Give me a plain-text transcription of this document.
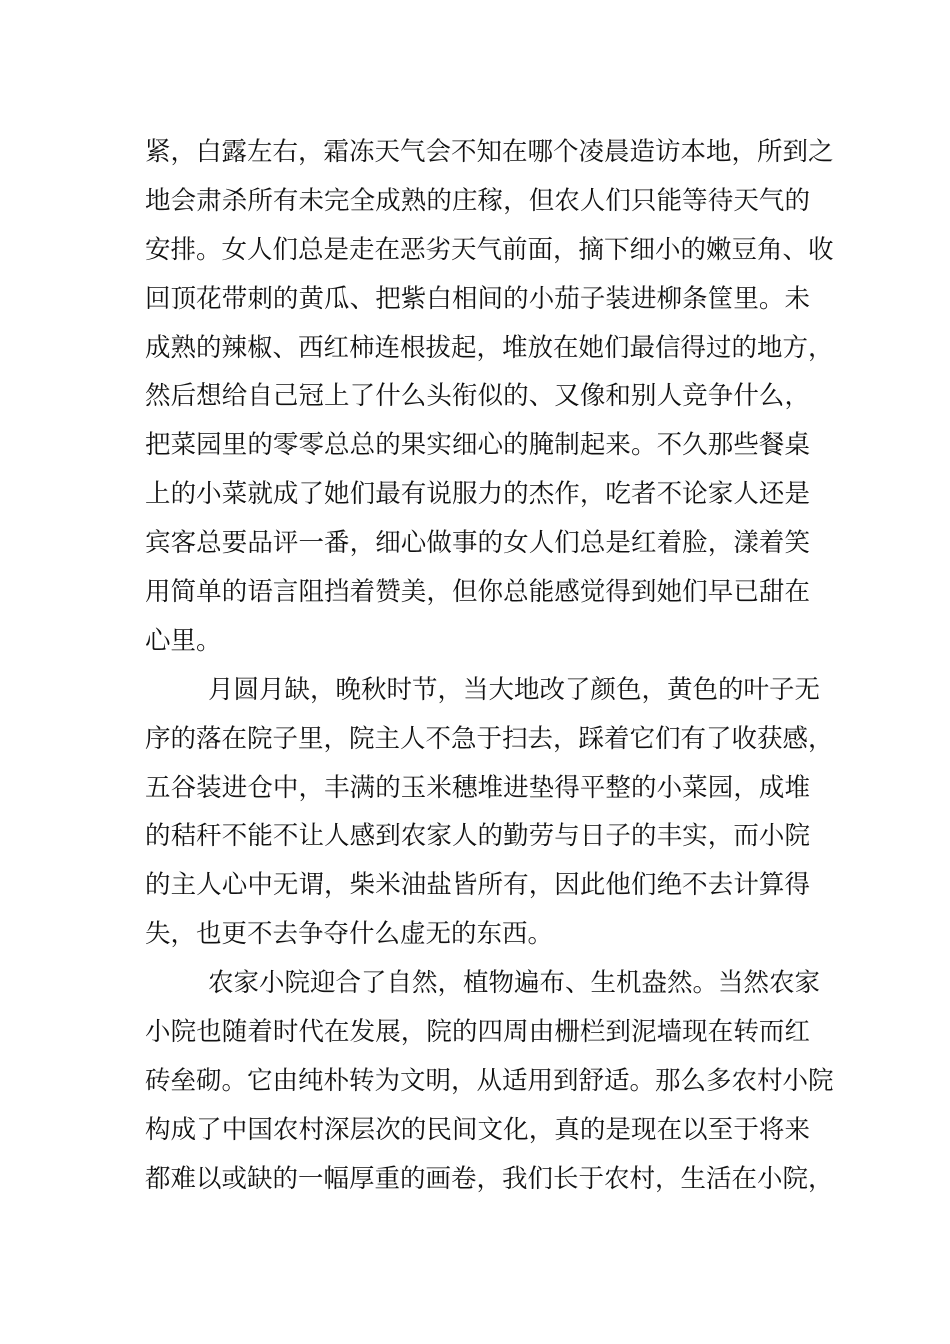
紧，白露左右，霜冻天气会不知在哪个凌晨造访本地，所到之
地会肃杀所有未完全成熟的庄稼，但农人们只能等待天气的
安排。女人们总是走在恶劣天气前面，摘下细小的嫩豆角、收
回顶花带刺的黄瓜、把紫白相间的小茄子装进柳条筐里。未
成熟的辣椒、西红柿连根拔起，堆放在她们最信得过的地方，
然后想给自己冠上了什么头衔似的、又像和别人竞争什么，
把菜园里的零零总总的果实细心的腌制起来。不久那些餐桌
上的小菜就成了她们最有说服力的杰作，吃者不论家人还是
宾客总要品评一番，细心做事的女人们总是红着脸，漾着笑
用简单的语言阻挡着赞美，但你总能感觉得到她们早已甜在
心里。
月圆月缺，晚秋时节，当大地改了颜色，黄色的叶子无
序的落在院子里，院主人不急于扫去，踩着它们有了收获感，
五谷装进仓中，丰满的玉米穗堆进垫得平整的小菜园，成堆
的秸秆不能不让人感到农家人的勤劳与日子的丰实，而小院
的主人心中无谓，柴米油盐皆所有，因此他们绝不去计算得
失，也更不去争夺什么虚无的东西。
农家小院迎合了自然，植物遍布、生机盎然。当然农家
小院也随着时代在发展，院的四周由栅栏到泥墙现在转而红
砖垒砌。它由纯朴转为文明，从适用到舒适。那么多农村小院
构成了中国农村深层次的民间文化，真的是现在以至于将来
都难以或缺的一幅厚重的画卷，我们长于农村，生活在小院，
